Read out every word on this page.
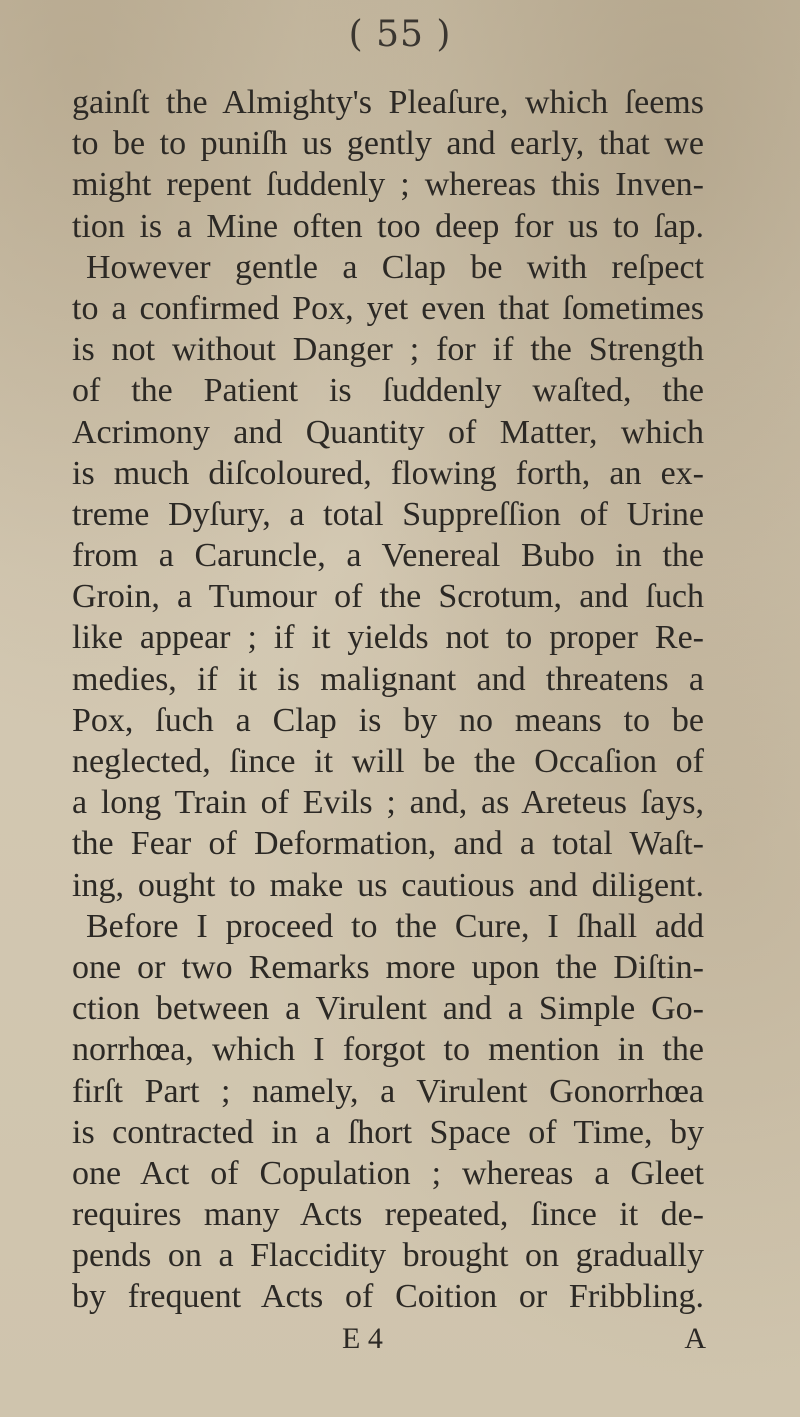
( 55 )
gainſt the Almighty's Pleaſure, which ſeems
to be to puniſh us gently and early, that we
might repent ſuddenly ; whereas this Inven-
tion is a Mine often too deep for us to ſap.
However gentle a Clap be with reſpect
to a confirmed Pox, yet even that ſometimes
is not without Danger ; for if the Strength
of the Patient is ſuddenly waſted, the
Acrimony and Quantity of Matter, which
is much diſcoloured, flowing forth, an ex-
treme Dyſury, a total Suppreſſion of Urine
from a Caruncle, a Venereal Bubo in the
Groin, a Tumour of the Scrotum, and ſuch
like appear ; if it yields not to proper Re-
medies, if it is malignant and threatens a
Pox, ſuch a Clap is by no means to be
neglected, ſince it will be the Occaſion of
a long Train of Evils ; and, as Areteus ſays,
the Fear of Deformation, and a total Waſt-
ing, ought to make us cautious and diligent.
Before I proceed to the Cure, I ſhall add
one or two Remarks more upon the Diſtin-
ction between a Virulent and a Simple Go-
norrhœa, which I forgot to mention in the
firſt Part ; namely, a Virulent Gonorrhœa
is contracted in a ſhort Space of Time, by
one Act of Copulation ; whereas a Gleet
requires many Acts repeated, ſince it de-
pends on a Flaccidity brought on gradually
by frequent Acts of Coition or Fribbling.
E 4	A
